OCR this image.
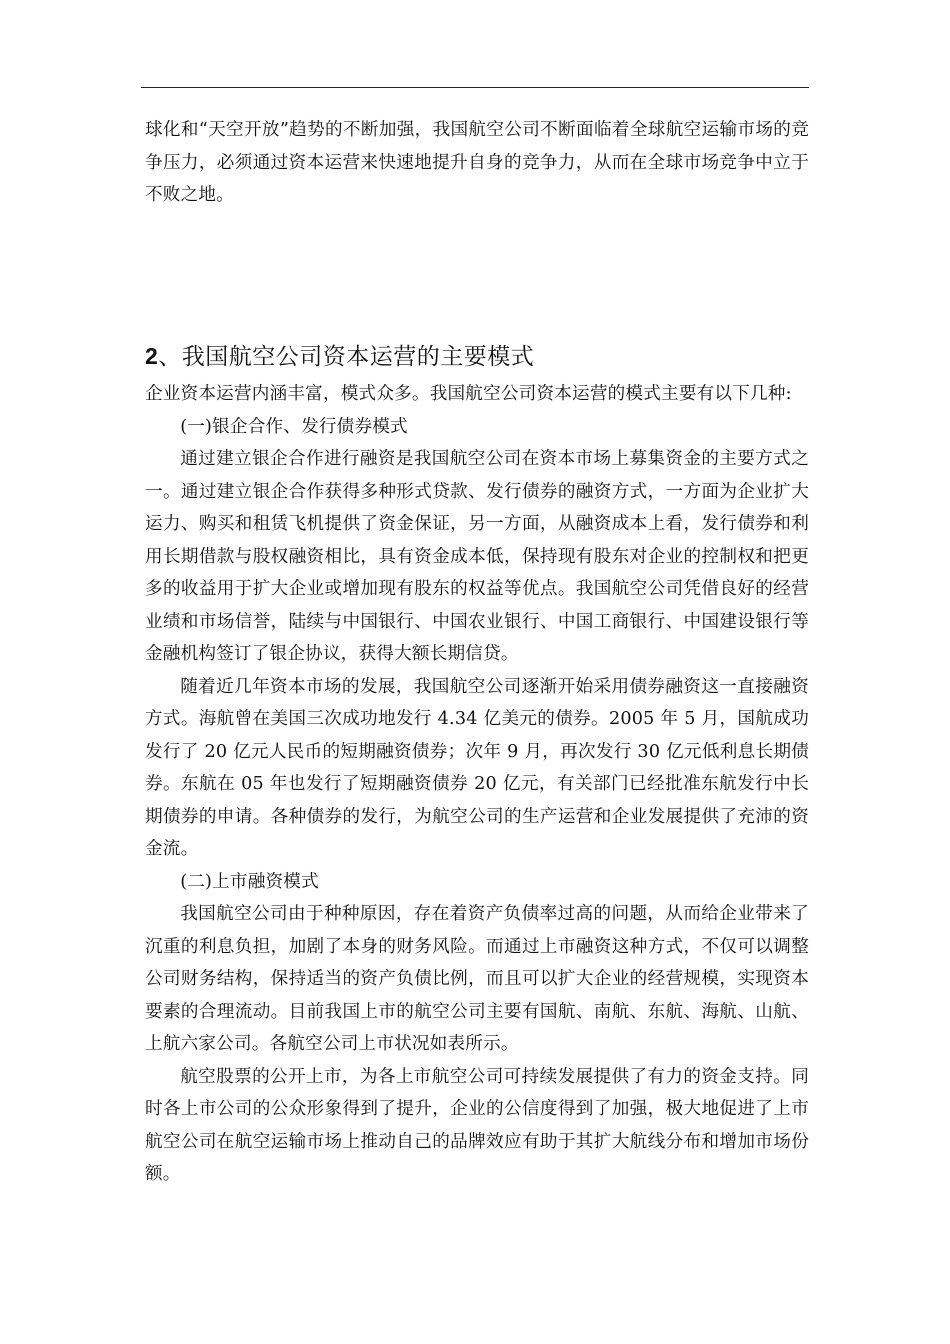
球化和“天空开放”趋势的不断加强，我国航空公司不断面临着全球航空运输市场的竞争压力，必须通过资本运营来快速地提升自身的竞争力，从而在全球市场竞争中立于不败之地。
2、我国航空公司资本运营的主要模式

企业资本运营内涵丰富，模式众多。我国航空公司资本运营的模式主要有以下几种:

(一)银企合作、发行债券模式

通过建立银企合作进行融资是我国航空公司在资本市场上募集资金的主要方式之一。通过建立银企合作获得多种形式贷款、发行债券的融资方式，一方面为企业扩大运力、购买和租赁飞机提供了资金保证，另一方面，从融资成本上看，发行债券和利用长期借款与股权融资相比，具有资金成本低，保持现有股东对企业的控制权和把更多的收益用于扩大企业或增加现有股东的权益等优点。我国航空公司凭借良好的经营业绩和市场信誉，陆续与中国银行、中国农业银行、中国工商银行、中国建设银行等金融机构签订了银企协议，获得大额长期信贷。

随着近几年资本市场的发展，我国航空公司逐渐开始采用债券融资这一直接融资方式。海航曾在美国三次成功地发行 4.34 亿美元的债券。2005 年 5 月，国航成功发行了 20 亿元人民币的短期融资债券；次年 9 月，再次发行 30 亿元低利息长期债券。东航在 05 年也发行了短期融资债券 20 亿元，有关部门已经批准东航发行中长期债券的申请。各种债券的发行，为航空公司的生产运营和企业发展提供了充沛的资金流。

(二)上市融资模式

我国航空公司由于种种原因，存在着资产负债率过高的问题，从而给企业带来了沉重的利息负担，加剧了本身的财务风险。而通过上市融资这种方式，不仅可以调整公司财务结构，保持适当的资产负债比例，而且可以扩大企业的经营规模，实现资本要素的合理流动。目前我国上市的航空公司主要有国航、南航、东航、海航、山航、上航六家公司。各航空公司上市状况如表所示。

航空股票的公开上市，为各上市航空公司可持续发展提供了有力的资金支持。同时各上市公司的公众形象得到了提升，企业的公信度得到了加强，极大地促进了上市航空公司在航空运输市场上推动自己的品牌效应有助于其扩大航线分布和增加市场份额。
